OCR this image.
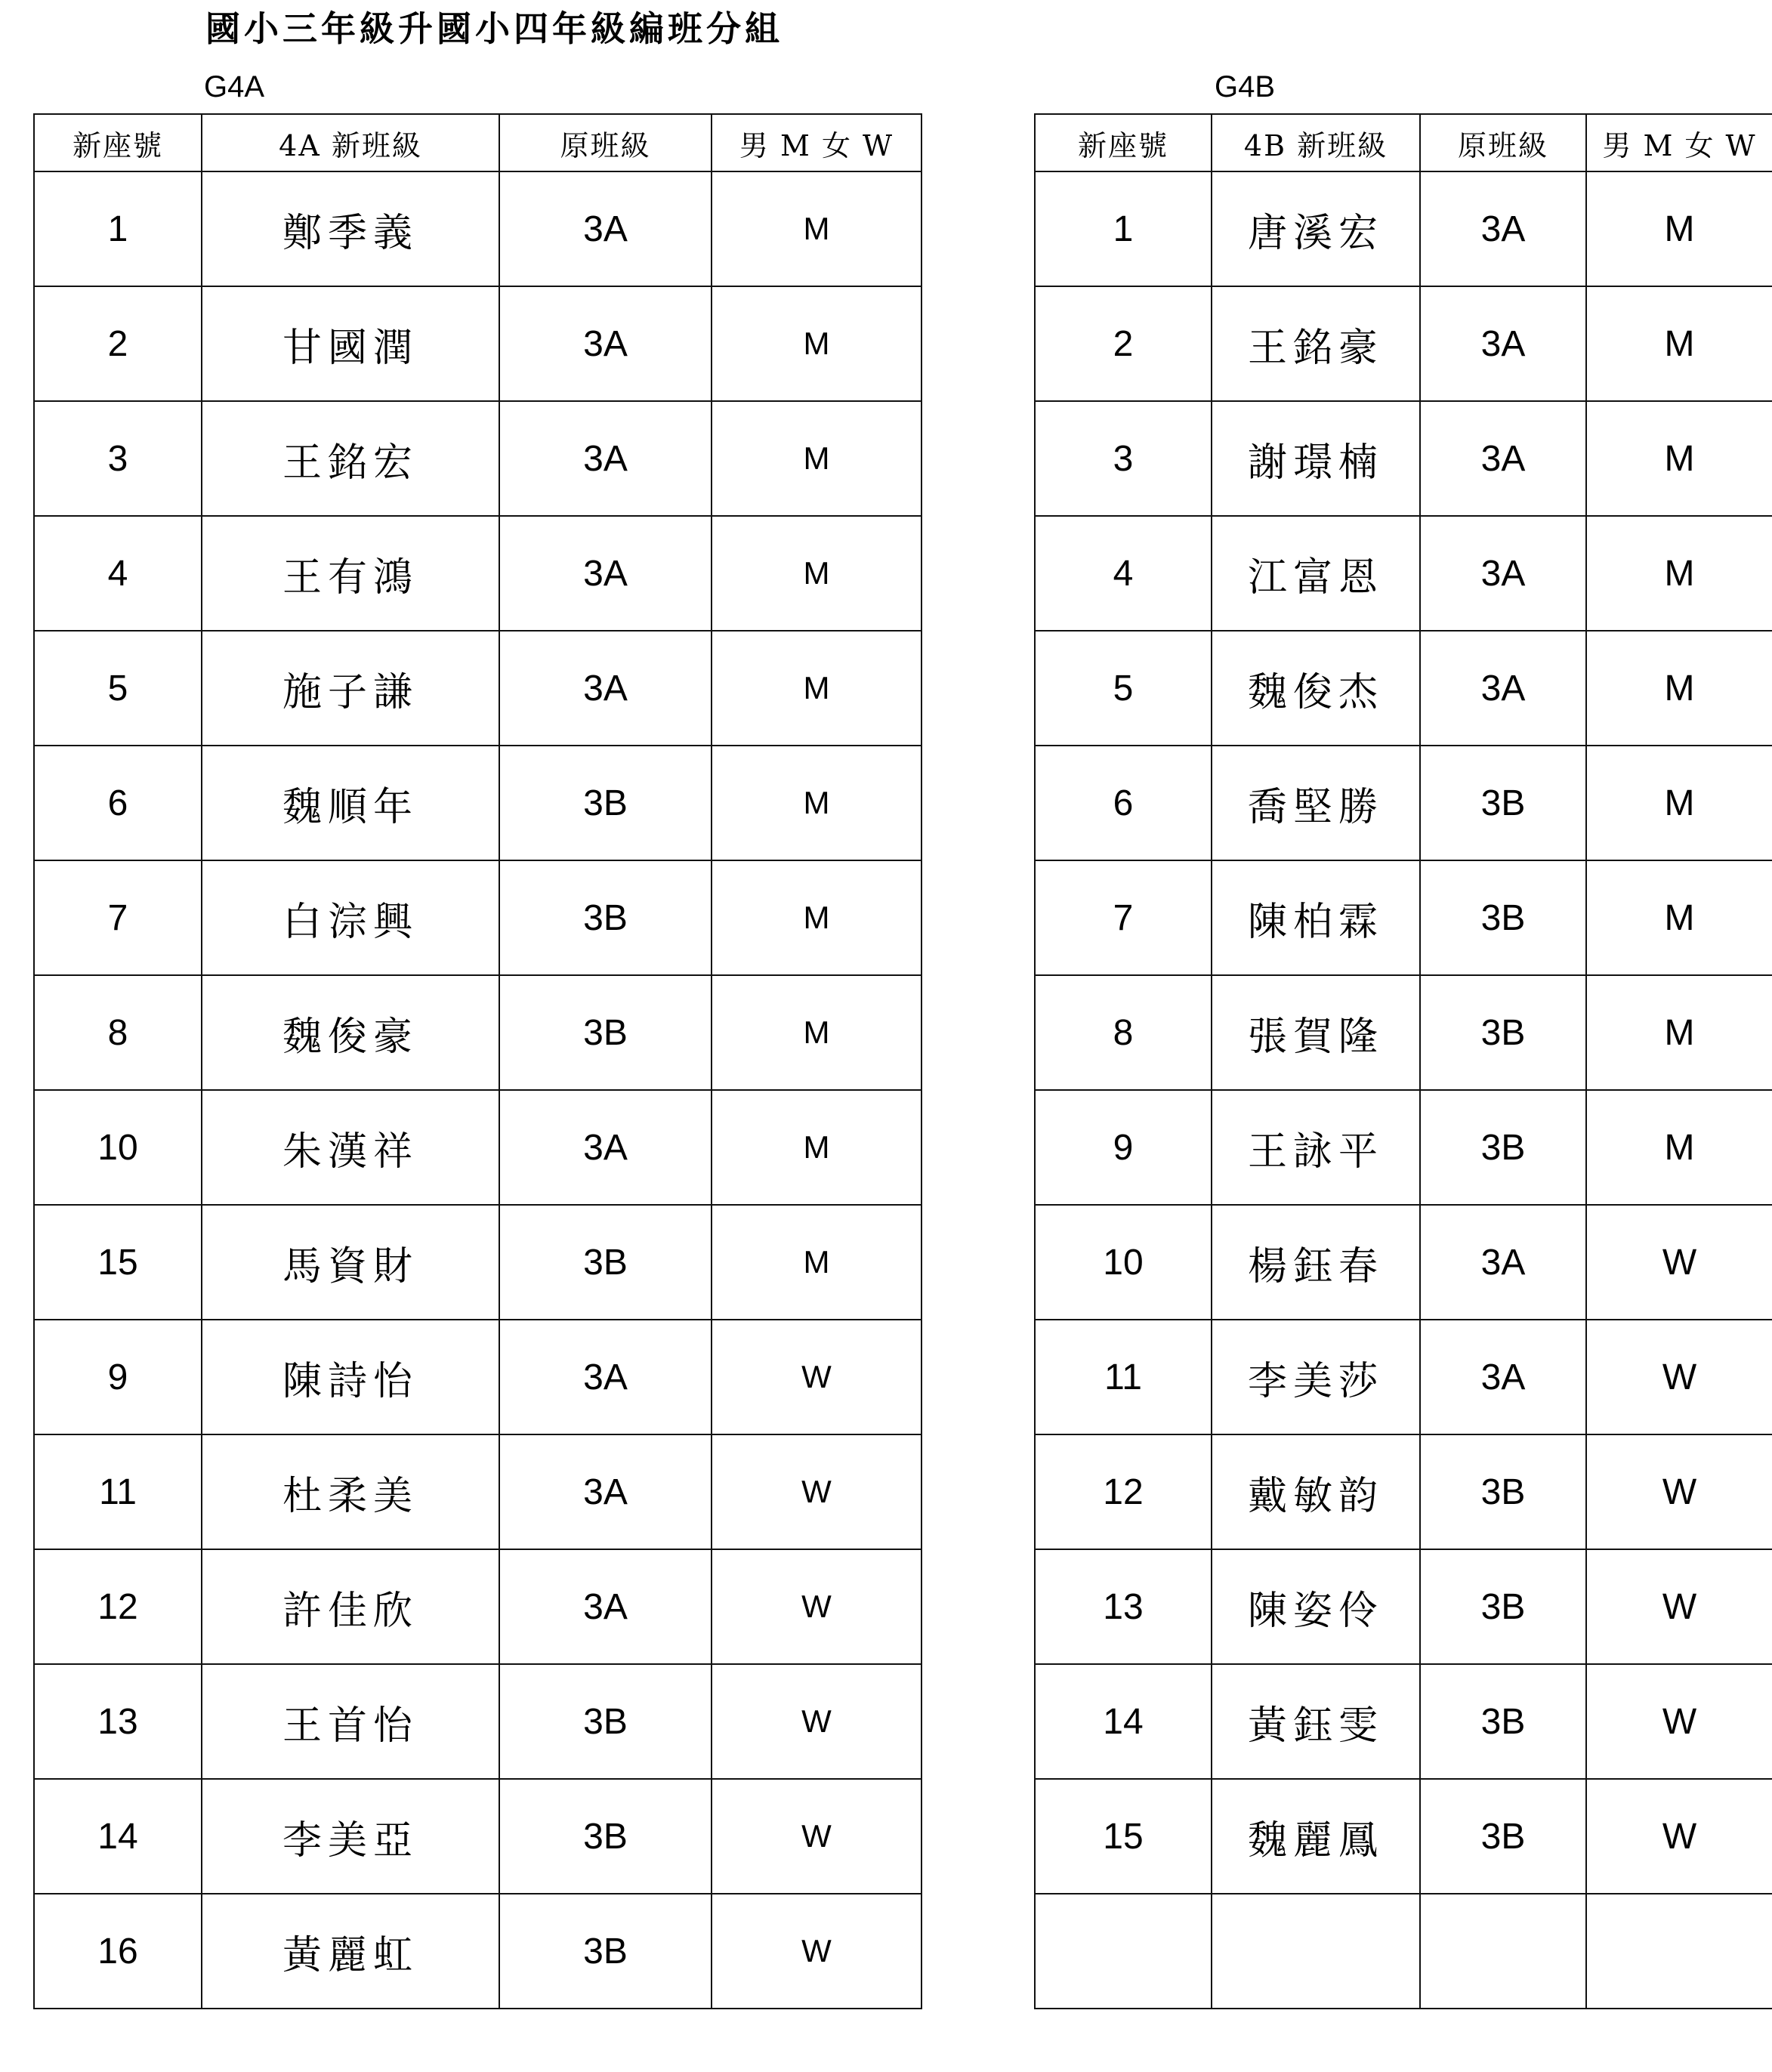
國小三年級升國小四年級編班分組
G4A	G4B
新座號	4A 新班級	原班級	男 M 女 W
1	鄭季義	3A	M
2	甘國潤	3A	M
3	王銘宏	3A	M
4	王有鴻	3A	M
5	施子謙	3A	M
6	魏順年	3B	M
7	白淙興	3B	M
8	魏俊豪	3B	M
10	朱漢祥	3A	M
15	馬資財	3B	M
9	陳詩怡	3A	W
11	杜柔美	3A	W
12	許佳欣	3A	W
13	王首怡	3B	W
14	李美亞	3B	W
16	黃麗虹	3B	W
新座號	4B 新班級	原班級	男 M 女 W
1	唐溪宏	3A	M
2	王銘豪	3A	M
3	謝璟楠	3A	M
4	江富恩	3A	M
5	魏俊杰	3A	M
6	喬堅勝	3B	M
7	陳柏霖	3B	M
8	張賀隆	3B	M
9	王詠平	3B	M
10	楊鈺春	3A	W
11	李美莎	3A	W
12	戴敏韵	3B	W
13	陳姿伶	3B	W
14	黃鈺雯	3B	W
15	魏麗鳳	3B	W
